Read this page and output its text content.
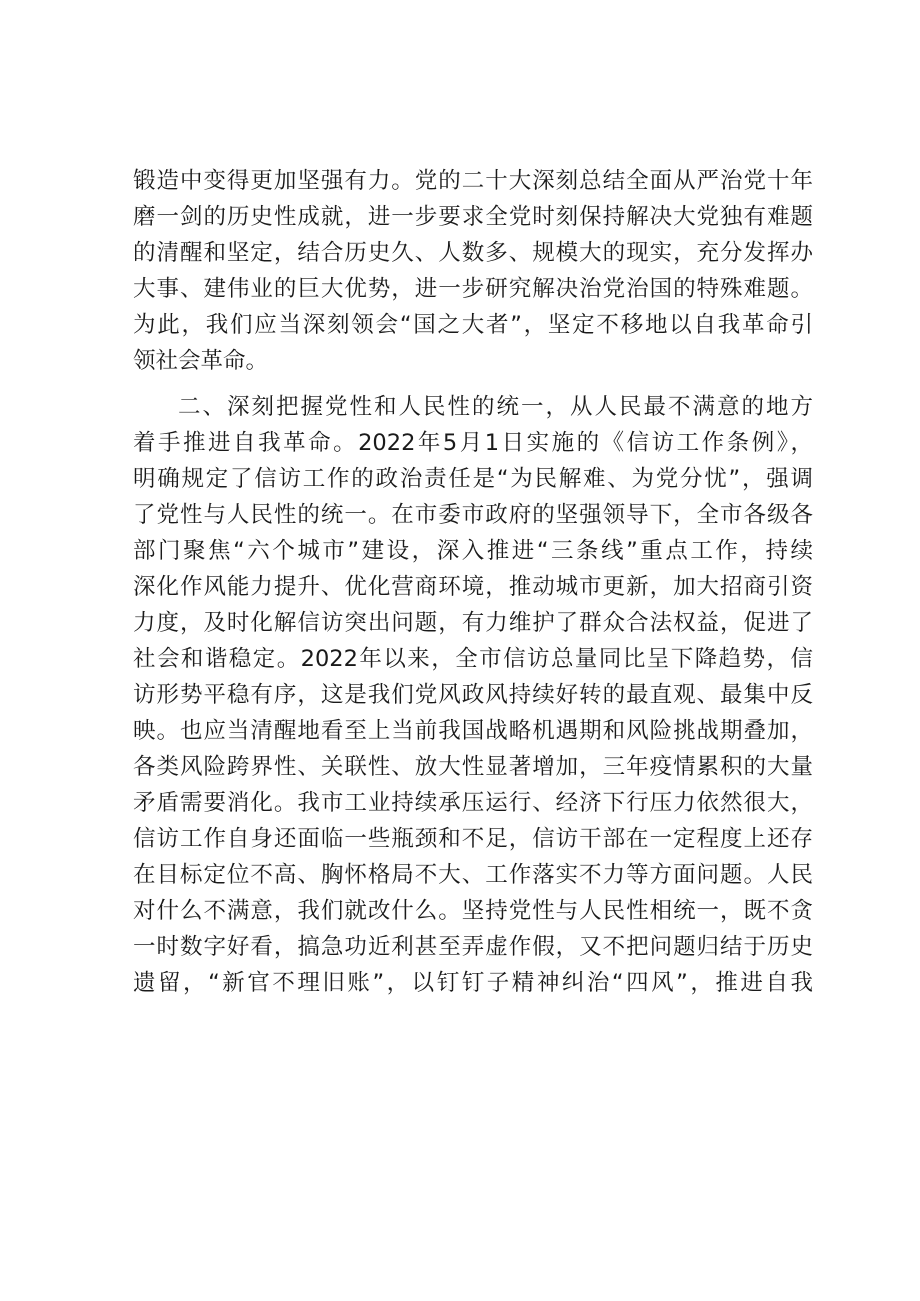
锻造中变得更加坚强有力。党的二十大深刻总结全面从严治党十年
磨一剑的历史性成就，进一步要求全党时刻保持解决大党独有难题
的清醒和坚定，结合历史久、人数多、规模大的现实，充分发挥办
大事、建伟业的巨大优势，进一步研究解决治党治国的特殊难题。
为此，我们应当深刻领会“国之大者”，坚定不移地以自我革命引
领社会革命。
二、深刻把握党性和人民性的统一，从人民最不满意的地方
着手推进自我革命。2022年5月1日实施的《信访工作条例》，
明确规定了信访工作的政治责任是“为民解难、为党分忧”，强调
了党性与人民性的统一。在市委市政府的坚强领导下，全市各级各
部门聚焦“六个城市”建设，深入推进“三条线”重点工作，持续
深化作风能力提升、优化营商环境，推动城市更新，加大招商引资
力度，及时化解信访突出问题，有力维护了群众合法权益，促进了
社会和谐稳定。2022年以来，全市信访总量同比呈下降趋势，信
访形势平稳有序，这是我们党风政风持续好转的最直观、最集中反
映。也应当清醒地看至上当前我国战略机遇期和风险挑战期叠加，
各类风险跨界性、关联性、放大性显著增加，三年疫情累积的大量
矛盾需要消化。我市工业持续承压运行、经济下行压力依然很大，
信访工作自身还面临一些瓶颈和不足，信访干部在一定程度上还存
在目标定位不高、胸怀格局不大、工作落实不力等方面问题。人民
对什么不满意，我们就改什么。坚持党性与人民性相统一，既不贪
一时数字好看，搞急功近利甚至弄虚作假，又不把问题归结于历史
遗留，“新官不理旧账”，以钉钉子精神纠治“四风”，推进自我
